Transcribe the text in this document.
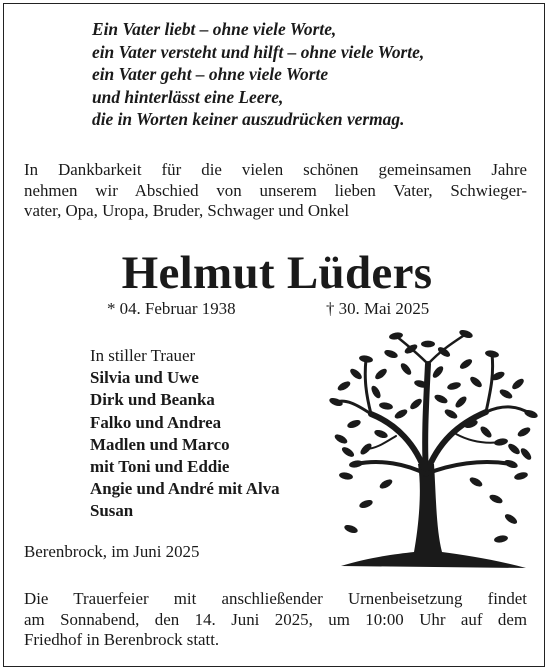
Ein Vater liebt – ohne viele Worte,
ein Vater versteht und hilft – ohne viele Worte,
ein Vater geht – ohne viele Worte
und hinterlässt eine Leere,
die in Worten keiner auszudrücken vermag.
In Dankbarkeit für die vielen schönen gemeinsamen Jahre
nehmen wir Abschied von unserem lieben Vater, Schwieger-
vater, Opa, Uropa, Bruder, Schwager und Onkel
Helmut Lüders
* 04. Februar 1938	† 30. Mai 2025
In stiller Trauer
Silvia und Uwe
Dirk und Beanka
Falko und Andrea
Madlen und Marco
mit Toni und Eddie
Angie und André mit Alva
Susan
Berenbrock, im Juni 2025
Die Trauerfeier mit anschließender Urnenbeisetzung findet
am Sonnabend, den 14. Juni 2025, um 10:00 Uhr auf dem
Friedhof in Berenbrock statt.
